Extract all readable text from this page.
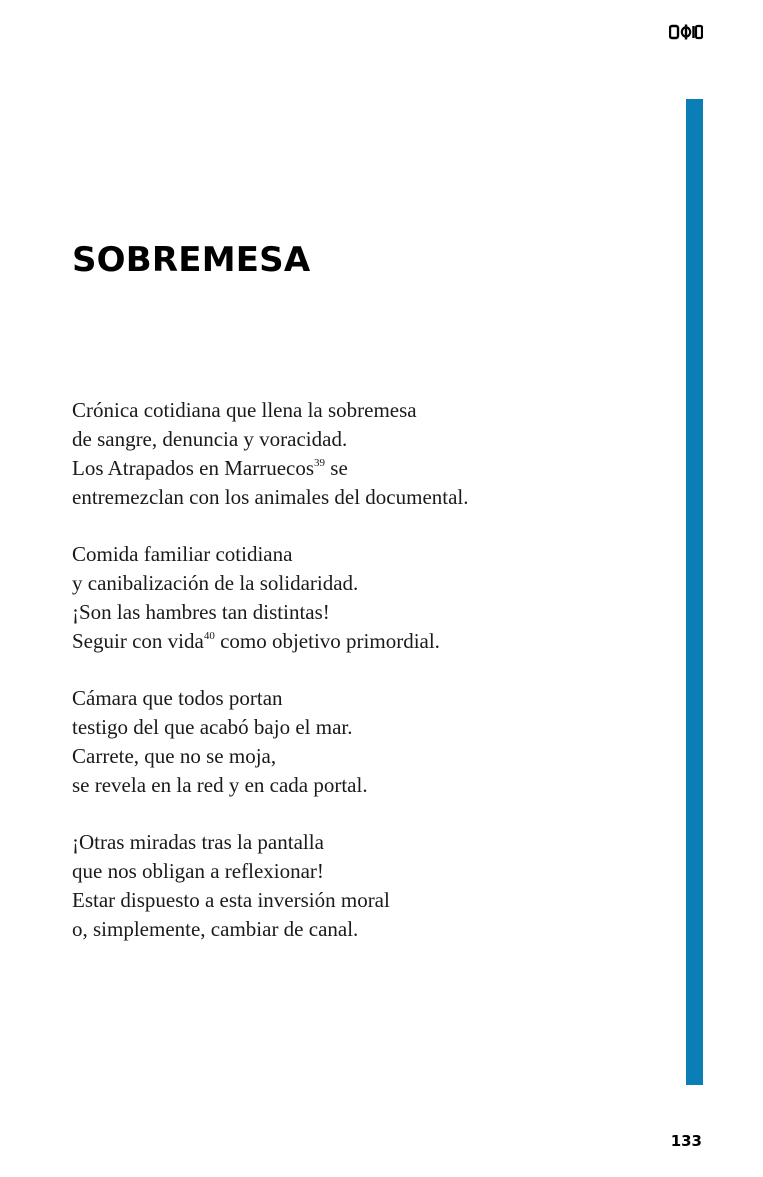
SOBREMESA
Crónica cotidiana que llena la sobremesa
de sangre, denuncia y voracidad.
Los Atrapados en Marruecos$^{39}$ se
entremezclan con los animales del documental.
Comida familiar cotidiana
y canibalización de la solidaridad.
¡Son las hambres tan distintas!
Seguir con vida$^{40}$ como objetivo primordial.
Cámara que todos portan
testigo del que acabó bajo el mar.
Carrete, que no se moja,
se revela en la red y en cada portal.
¡Otras miradas tras la pantalla
que nos obligan a reflexionar!
Estar dispuesto a esta inversión moral
o, simplemente, cambiar de canal.
133
